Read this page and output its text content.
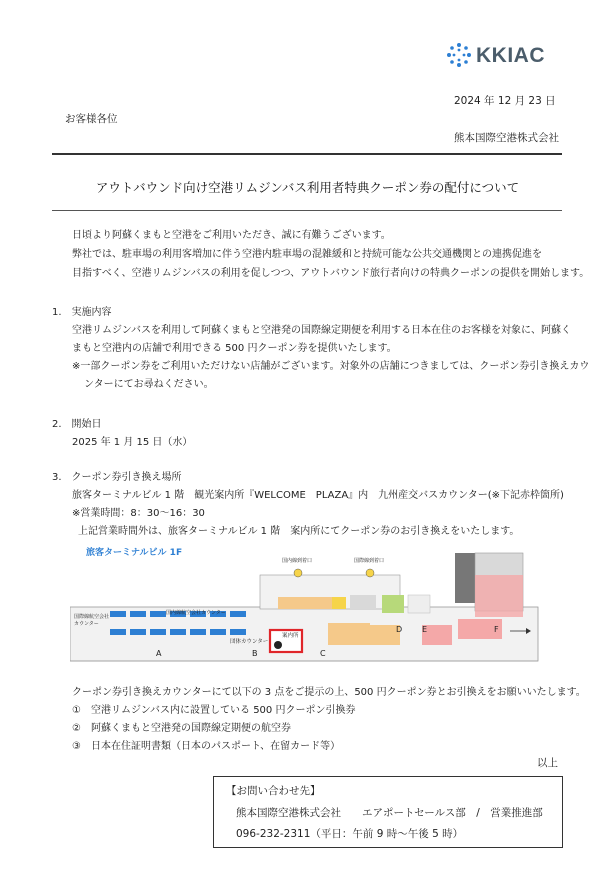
KKIAC
2024 年 12 月 23 日
お客様各位
熊本国際空港株式会社
アウトバウンド向け空港リムジンバス利用者特典クーポン券の配付について
日頃より阿蘇くまもと空港をご利用いただき、誠に有難うございます。
弊社では、駐車場の利用客増加に伴う空港内駐車場の混雑緩和と持続可能な公共交通機関との連携促進を
目指すべく、空港リムジンバスの利用を促しつつ、アウトバウンド旅行者向けの特典クーポンの提供を開始します。
1.　実施内容
空港リムジンバスを利用して阿蘇くまもと空港発の国際線定期便を利用する日本在住のお客様を対象に、阿蘇く
まもと空港内の店舗で利用できる 500 円クーポン券を提供いたします。
※一部クーポン券をご利用いただけない店舗がございます。対象外の店舗につきましては、クーポン券引き換えカウ
ンターにてお尋ねください。
2.　開始日
2025 年 1 月 15 日（水）
3.　クーポン券引き換え場所
旅客ターミナルビル 1 階　観光案内所『WELCOME　PLAZA』内　九州産交バスカウンター(※下記赤枠箇所)
※営業時間：8：30～16：30
上記営業時間外は、旅客ターミナルビル 1 階　案内所にてクーポン券のお引き換えをいたします。
旅客ターミナルビル 1F
国内線到着口	国際線到着口
国内線航空会社カウンター
国際線航空会社カウンター
団体カウンター
案内所
A	B	C
D E	F
クーポン券引き換えカウンターにて以下の 3 点をご提示の上、500 円クーポン券とお引換えをお願いいたします。
①　空港リムジンバス内に設置している 500 円クーポン引換券
②　阿蘇くまもと空港発の国際線定期便の航空券
③　日本在住証明書類（日本のパスポート、在留カード等）
以上
【お問い合わせ先】
熊本国際空港株式会社　　エアポートセールス部　/　営業推進部
096-232-2311（平日：午前 9 時～午後 5 時）
